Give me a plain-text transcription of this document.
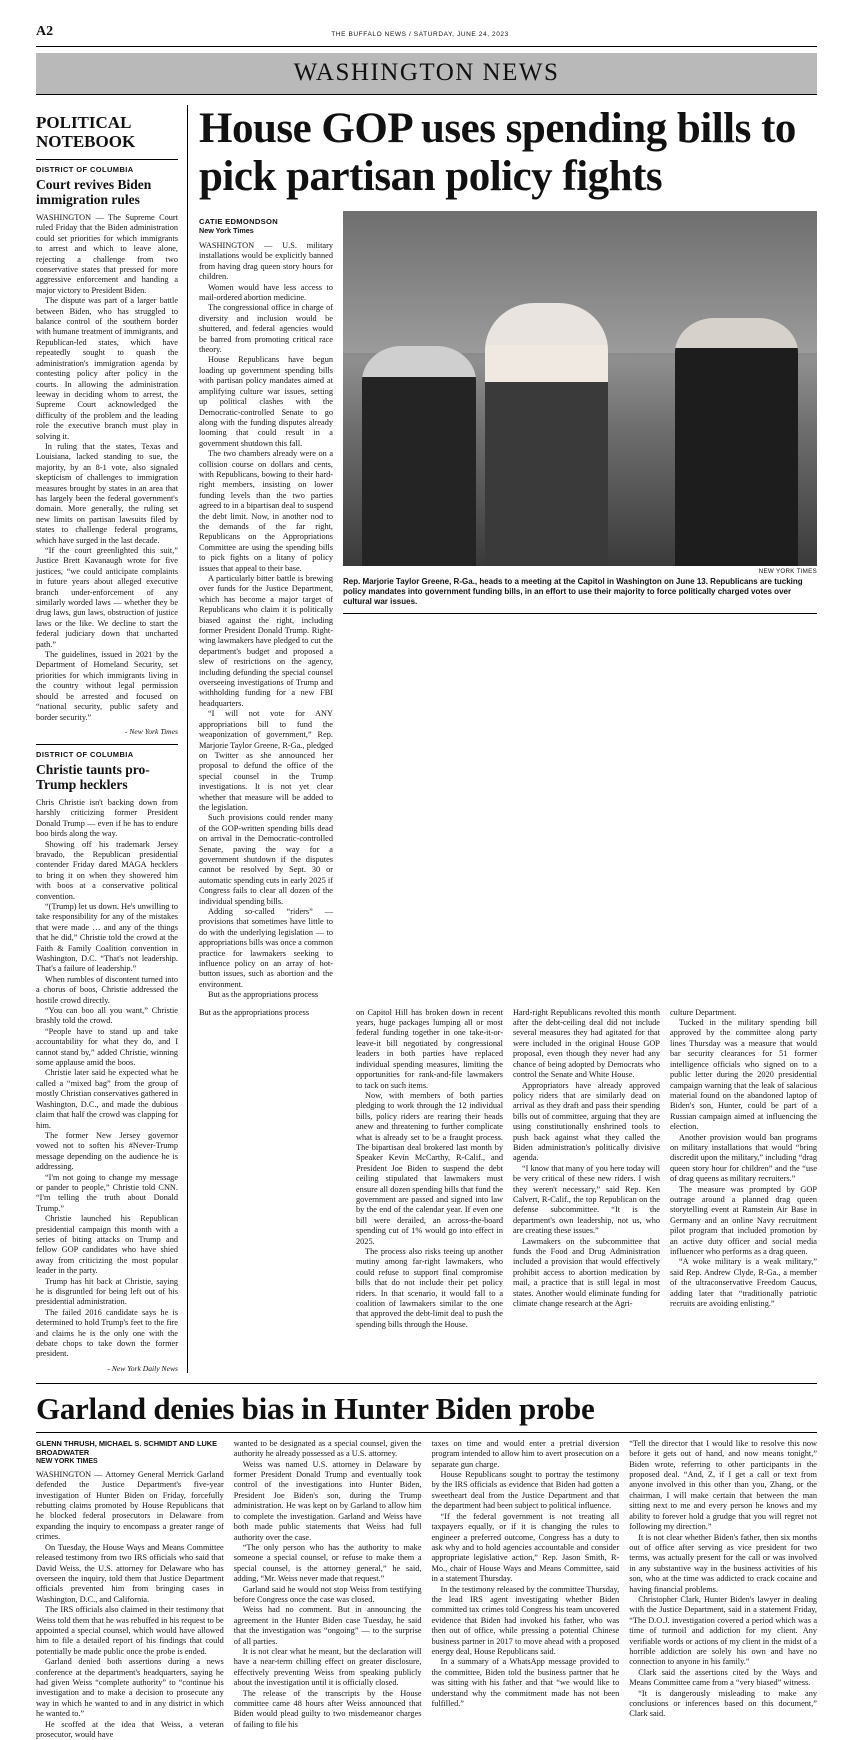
A2	THE BUFFALO NEWS / SATURDAY, JUNE 24, 2023
WASHINGTON NEWS
POLITICAL NOTEBOOK
DISTRICT OF COLUMBIA
Court revives Biden immigration rules

WASHINGTON — The Supreme Court ruled Friday that the Biden administration could set priorities for which immigrants to arrest and which to leave alone, rejecting a challenge from two conservative states that pressed for more aggressive enforcement and handing a major victory to President Biden.

The dispute was part of a larger battle between Biden, who has struggled to balance control of the southern border with humane treatment of immigrants, and Republican-led states, which have repeatedly sought to quash the administration's immigration agenda by contesting policy after policy in the courts. In allowing the administration leeway in deciding whom to arrest, the Supreme Court acknowledged the difficulty of the problem and the leading role the executive branch must play in solving it.

In ruling that the states, Texas and Louisiana, lacked standing to sue, the majority, by an 8-1 vote, also signaled skepticism of challenges to immigration measures brought by states in an area that has largely been the federal government's domain. More generally, the ruling set new limits on partisan lawsuits filed by states to challenge federal programs, which have surged in the last decade.

“If the court greenlighted this suit,” Justice Brett Kavanaugh wrote for five justices, “we could anticipate complaints in future years about alleged executive branch under-enforcement of any similarly worded laws — whether they be drug laws, gun laws, obstruction of justice laws or the like. We decline to start the federal judiciary down that uncharted path.”

The guidelines, issued in 2021 by the Department of Homeland Security, set priorities for which immigrants living in the country without legal permission should be arrested and focused on “national security, public safety and border security.”

- New York Times
DISTRICT OF COLUMBIA
Christie taunts pro-Trump hecklers

Chris Christie isn't backing down from harshly criticizing former President Donald Trump — even if he has to endure boo birds along the way.

Showing off his trademark Jersey bravado, the Republican presidential contender Friday dared MAGA hecklers to bring it on when they showered him with boos at a conservative political convention.

“(Trump) let us down. He's unwilling to take responsibility for any of the mistakes that were made … and any of the things that he did,” Christie told the crowd at the Faith & Family Coalition convention in Washington, D.C. “That's not leadership. That's a failure of leadership.”

When rumbles of discontent turned into a chorus of boos, Christie addressed the hostile crowd directly.

“You can boo all you want,” Christie brashly told the crowd.

“People have to stand up and take accountability for what they do, and I cannot stand by,” added Christie, winning some applause amid the boos.

Christie later said he expected what he called a “mixed bag” from the group of mostly Christian conservatives gathered in Washington, D.C., and made the dubious claim that half the crowd was clapping for him.

The former New Jersey governor vowed not to soften his #Never-Trump message depending on the audience he is addressing.

“I'm not going to change my message or pander to people,” Christie told CNN. “I'm telling the truth about Donald Trump.”

Christie launched his Republican presidential campaign this month with a series of biting attacks on Trump and fellow GOP candidates who have shied away from criticizing the most popular leader in the party.

Trump has hit back at Christie, saying he is disgruntled for being left out of his presidential administration.

The failed 2016 candidate says he is determined to hold Trump's feet to the fire and claims he is the only one with the debate chops to take down the former president.

- New York Daily News
House GOP uses spending bills to pick partisan policy fights
CATIE EDMONDSON
New York Times

WASHINGTON — U.S. military installations would be explicitly banned from having drag queen story hours for children.

Women would have less access to mail-ordered abortion medicine.

The congressional office in charge of diversity and inclusion would be shuttered, and federal agencies would be barred from promoting critical race theory.

House Republicans have begun loading up government spending bills with partisan policy mandates aimed at amplifying culture war issues, setting up political clashes with the Democratic-controlled Senate to go along with the funding disputes already looming that could result in a government shutdown this fall.

The two chambers already were on a collision course on dollars and cents, with Republicans, bowing to their hard-right members, insisting on lower funding levels than the two parties agreed to in a bipartisan deal to suspend the debt limit. Now, in another nod to the demands of the far right, Republicans on the Appropriations Committee are using the spending bills to pick fights on a litany of policy issues that appeal to their base.

A particularly bitter battle is brewing over funds for the Justice Department, which has become a major target of Republicans who claim it is politically biased against the right, including former President Donald Trump. Right-wing lawmakers have pledged to cut the department's budget and proposed a slew of restrictions on the agency, including defunding the special counsel overseeing investigations of Trump and withholding funding for a new FBI headquarters.

“I will not vote for ANY appropriations bill to fund the weaponization of government,” Rep. Marjorie Taylor Greene, R-Ga., pledged on Twitter as she announced her proposal to defund the office of the special counsel in the Trump investigations. It is not yet clear whether that measure will be added to the legislation.

Such provisions could render many of the GOP-written spending bills dead on arrival in the Democratic-controlled Senate, paving the way for a government shutdown if the disputes cannot be resolved by Sept. 30 or automatic spending cuts in early 2025 if Congress fails to clear all dozen of the individual spending bills.

Adding so-called “riders” — provisions that sometimes have little to do with the underlying legislation — to appropriations bills was once a common practice for lawmakers seeking to influence policy on an array of hot-button issues, such as abortion and the environment.

But as the appropriations process

NEW YORK TIMES
Rep. Marjorie Taylor Greene, R-Ga., heads to a meeting at the Capitol in Washington on June 13. Republicans are tucking policy mandates into government funding bills, in an effort to use their majority to force politically charged votes over cultural war issues.

But as the appropriations process	on Capitol Hill has broken down in recent years, huge packages lumping all or most federal funding together in one take-it-or-leave-it bill negotiated by congressional leaders in both parties have replaced individual spending measures, limiting the opportunities for rank-and-file lawmakers to tack on such items.

Now, with members of both parties pledging to work through the 12 individual bills, policy riders are rearing their heads anew and threatening to further complicate what is already set to be a fraught process. The bipartisan deal brokered last month by Speaker Kevin McCarthy, R-Calif., and President Joe Biden to suspend the debt ceiling stipulated that lawmakers must ensure all dozen spending bills that fund the government are passed and signed into law by the end of the calendar year. If even one bill were derailed, an across-the-board spending cut of 1% would go into effect in 2025.

The process also risks teeing up another mutiny among far-right lawmakers, who could refuse to support final compromise bills that do not include their pet policy riders. In that scenario, it would fall to a coalition of lawmakers similar to the one that approved the debt-limit deal to push the spending bills through the House.

Hard-right Republicans revolted this month after the debt-ceiling deal did not include several measures they had agitated for that were included in the original House GOP proposal, even though they never had any chance of being adopted by Democrats who control the Senate and White House.

Appropriators have already approved policy riders that are similarly dead on arrival as they draft and pass their spending bills out of committee, arguing that they are using constitutionally enshrined tools to push back against what they called the Biden administration's politically divisive agenda.

“I know that many of you here today will be very critical of these new riders. I wish they weren't necessary,” said Rep. Ken Calvert, R-Calif., the top Republican on the defense subcommittee. “It is the department's own leadership, not us, who are creating these issues.”

Lawmakers on the subcommittee that funds the Food and Drug Administration included a provision that would effectively prohibit access to abortion medication by mail, a practice that is still legal in most states. Another would eliminate funding for climate change research at the Agri-

culture Department.

Tucked in the military spending bill approved by the committee along party lines Thursday was a measure that would bar security clearances for 51 former intelligence officials who signed on to a public letter during the 2020 presidential campaign warning that the leak of salacious material found on the abandoned laptop of Biden's son, Hunter, could be part of a Russian campaign aimed at influencing the election.

Another provision would ban programs on military installations that would “bring discredit upon the military,” including “drag queen story hour for children” and the “use of drag queens as military recruiters.”

The measure was prompted by GOP outrage around a planned drag queen storytelling event at Ramstein Air Base in Germany and an online Navy recruitment pilot program that included promotion by an active duty officer and social media influencer who performs as a drag queen.

“A woke military is a weak military,” said Rep. Andrew Clyde, R-Ga., a member of the ultraconservative Freedom Caucus, adding later that “traditionally patriotic recruits are avoiding enlisting.”

Garland denies bias in Hunter Biden probe
GLENN THRUSH, MICHAEL S. SCHMIDT AND LUKE BROADWATER
NEW YORK TIMES

WASHINGTON — Attorney General Merrick Garland defended the Justice Department's five-year investigation of Hunter Biden on Friday, forcefully rebutting claims promoted by House Republicans that he blocked federal prosecutors in Delaware from expanding the inquiry to encompass a greater range of crimes.

On Tuesday, the House Ways and Means Committee released testimony from two IRS officials who said that David Weiss, the U.S. attorney for Delaware who has overseen the inquiry, told them that Justice Department officials prevented him from bringing cases in Washington, D.C., and California.

The IRS officials also claimed in their testimony that Weiss told them that he was rebuffed in his request to be appointed a special counsel, which would have allowed him to file a detailed report of his findings that could potentially be made public once the probe is ended.

Garland denied both assertions during a news conference at the department's headquarters, saying he had given Weiss “complete authority” to “continue his investigation and to make a decision to prosecute any way in which he wanted to and in any district in which he wanted to.”

He scoffed at the idea that Weiss, a veteran prosecutor, would have

wanted to be designated as a special counsel, given the authority he already possessed as a U.S. attorney.

Weiss was named U.S. attorney in Delaware by former President Donald Trump and eventually took control of the investigations into Hunter Biden, President Joe Biden's son, during the Trump administration. He was kept on by Garland to allow him to complete the investigation. Garland and Weiss have both made public statements that Weiss had full authority over the case.

“The only person who has the authority to make someone a special counsel, or refuse to make them a special counsel, is the attorney general,” he said, adding, “Mr. Weiss never made that request.”

Garland said he would not stop Weiss from testifying before Congress once the case was closed.

Weiss had no comment. But in announcing the agreement in the Hunter Biden case Tuesday, he said that the investigation was “ongoing” — to the surprise of all parties.

It is not clear what he meant, but the declaration will have a near-term chilling effect on greater disclosure, effectively preventing Weiss from speaking publicly about the investigation until it is officially closed.

The release of the transcripts by the House committee came 48 hours after Weiss announced that Biden would plead guilty to two misdemeanor charges of failing to file his

taxes on time and would enter a pretrial diversion program intended to allow him to avert prosecution on a separate gun charge.

House Republicans sought to portray the testimony by the IRS officials as evidence that Biden had gotten a sweetheart deal from the Justice Department and that the department had been subject to political influence.

“If the federal government is not treating all taxpayers equally, or if it is changing the rules to engineer a preferred outcome, Congress has a duty to ask why and to hold agencies accountable and consider appropriate legislative action,” Rep. Jason Smith, R-Mo., chair of House Ways and Means Committee, said in a statement Thursday.

In the testimony released by the committee Thursday, the lead IRS agent investigating whether Biden committed tax crimes told Congress his team uncovered evidence that Biden had invoked his father, who was then out of office, while pressing a potential Chinese business partner in 2017 to move ahead with a proposed energy deal, House Republicans said.

In a summary of a WhatsApp message provided to the committee, Biden told the business partner that he was sitting with his father and that “we would like to understand why the commitment made has not been fulfilled.”

“Tell the director that I would like to resolve this now before it gets out of hand, and now means tonight,” Biden wrote, referring to other participants in the proposed deal. “And, Z, if I get a call or text from anyone involved in this other than you, Zhang, or the chairman, I will make certain that between the man sitting next to me and every person he knows and my ability to forever hold a grudge that you will regret not following my direction.”

It is not clear whether Biden's father, then six months out of office after serving as vice president for two terms, was actually present for the call or was involved in any substantive way in the business activities of his son, who at the time was addicted to crack cocaine and having financial problems.

Christopher Clark, Hunter Biden's lawyer in dealing with the Justice Department, said in a statement Friday, “The D.O.J. investigation covered a period which was a time of turmoil and addiction for my client. Any verifiable words or actions of my client in the midst of a horrible addiction are solely his own and have no connection to anyone in his family.”

Clark said the assertions cited by the Ways and Means Committee came from a “very biased” witness.

“It is dangerously misleading to make any conclusions or inferences based on this document,” Clark said.
